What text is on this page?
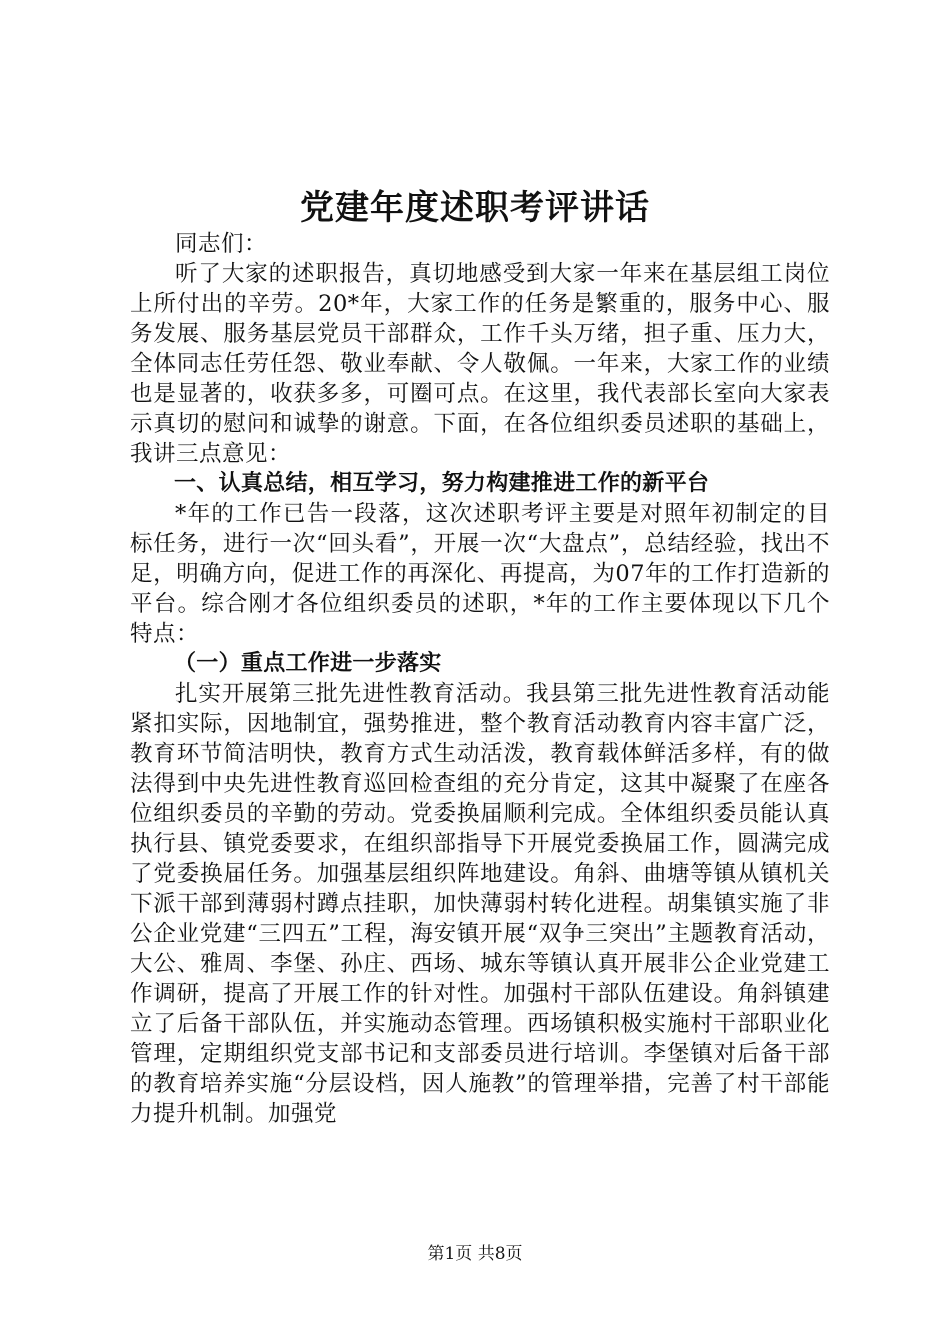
党建年度述职考评讲话

同志们：

听了大家的述职报告，真切地感受到大家一年来在基层组工岗位上所付出的辛劳。20*年，大家工作的任务是繁重的，服务中心、服务发展、服务基层党员干部群众，工作千头万绪，担子重、压力大，全体同志任劳任怨、敬业奉献、令人敬佩。一年来，大家工作的业绩也是显著的，收获多多，可圈可点。在这里，我代表部长室向大家表示真切的慰问和诚挚的谢意。下面，在各位组织委员述职的基础上，我讲三点意见：

一、认真总结，相互学习，努力构建推进工作的新平台

*年的工作已告一段落，这次述职考评主要是对照年初制定的目标任务，进行一次“回头看”，开展一次“大盘点”，总结经验，找出不足，明确方向，促进工作的再深化、再提高，为07年的工作打造新的平台。综合刚才各位组织委员的述职，*年的工作主要体现以下几个特点：

（一）重点工作进一步落实

扎实开展第三批先进性教育活动。我县第三批先进性教育活动能紧扣实际，因地制宜，强势推进，整个教育活动教育内容丰富广泛，教育环节简洁明快，教育方式生动活泼，教育载体鲜活多样，有的做法得到中央先进性教育巡回检查组的充分肯定，这其中凝聚了在座各位组织委员的辛勤的劳动。党委换届顺利完成。全体组织委员能认真执行县、镇党委要求，在组织部指导下开展党委换届工作，圆满完成了党委换届任务。加强基层组织阵地建设。角斜、曲塘等镇从镇机关下派干部到薄弱村蹲点挂职，加快薄弱村转化进程。胡集镇实施了非公企业党建“三四五”工程，海安镇开展“双争三突出”主题教育活动，大公、雅周、李堡、孙庄、西场、城东等镇认真开展非公企业党建工作调研，提高了开展工作的针对性。加强村干部队伍建设。角斜镇建立了后备干部队伍，并实施动态管理。西场镇积极实施村干部职业化管理，定期组织党支部书记和支部委员进行培训。李堡镇对后备干部的教育培养实施“分层设档，因人施教”的管理举措，完善了村干部能力提升机制。加强党

第1页 共8页
